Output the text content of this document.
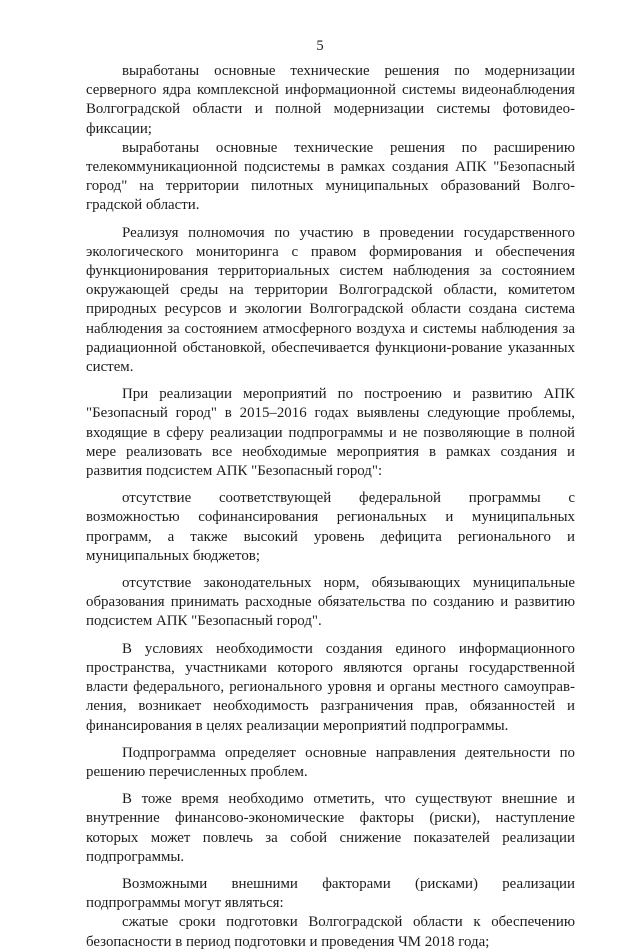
5

выработаны основные технические решения по модернизации серверного ядра комплексной информационной системы видеонаблюдения Волгоградской области и полной модернизации системы фотовидео-фиксации;

выработаны основные технические решения по расширению телекоммуникационной подсистемы в рамках создания АПК "Безопасный город" на территории пилотных муниципальных образований Волго-градской области.

Реализуя полномочия по участию в проведении государственного экологического мониторинга с правом формирования и обеспечения функционирования территориальных систем наблюдения за состоянием окружающей среды на территории Волгоградской области, комитетом природных ресурсов и экологии Волгоградской области создана система наблюдения за состоянием атмосферного воздуха и системы наблюдения за радиационной обстановкой, обеспечивается функциони-рование указанных систем.

При реализации мероприятий по построению и развитию АПК "Безопасный город" в 2015–2016 годах выявлены следующие проблемы, входящие в сферу реализации подпрограммы и не позволяющие в полной мере реализовать все необходимые мероприятия в рамках создания и развития подсистем АПК "Безопасный город":

отсутствие соответствующей федеральной программы с возможностью софинансирования региональных и муниципальных программ, а также высокий уровень дефицита регионального и муниципальных бюджетов;

отсутствие законодательных норм, обязывающих муниципальные образования принимать расходные обязательства по созданию и развитию подсистем АПК "Безопасный город".

В условиях необходимости создания единого информационного пространства, участниками которого являются органы государственной власти федерального, регионального уровня и органы местного самоупрaв-ления, возникает необходимость разграничения прав, обязанностей и финансирования в целях реализации мероприятий подпрограммы.

Подпрограмма определяет основные направления деятельности по решению перечисленных проблем.

В тоже время необходимо отметить, что существуют внешние и внутренние финансово-экономические факторы (риски), наступление которых может повлечь за собой снижение показателей реализации подпрограммы.

Возможными внешними факторами (рисками) реализации подпрограммы могут являться:

сжатые сроки подготовки Волгоградской области к обеспечению безопасности в период подготовки и проведения ЧМ 2018 года;
